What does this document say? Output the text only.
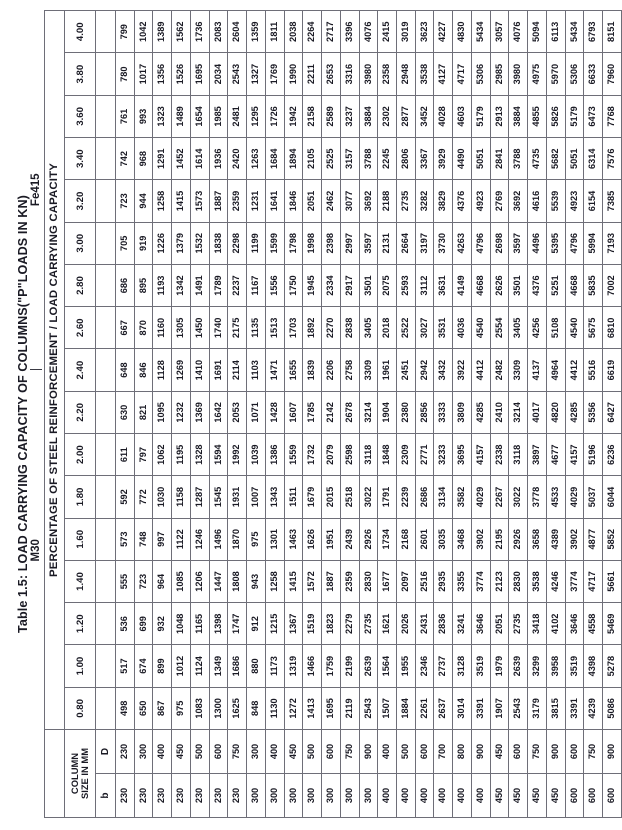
Table 1.5: LOAD CARRYING CAPACITY OF COLUMNS("P"LOADS IN KN) M30
Fe415
		PERCENTAGE OF STEEL REINFORCEMENT / LOAD CARRYING CAPACITY																

COLUMN SIZE IN MM		0.80	1.00	1.20	1.40	1.60	1.80	2.00	2.20	2.40	2.60	2.80	3.00	3.20	3.40	3.60	3.80	4.00
b	D																	
230	230	498	517	536	555	573	592	611	630	648	667	686	705	723	742	761	780	799
230	300	650	674	699	723	748	772	797	821	846	870	895	919	944	968	993	1017	1042
230	400	867	899	932	964	997	1030	1062	1095	1128	1160	1193	1226	1258	1291	1323	1356	1389
230	450	975	1012	1048	1085	1122	1158	1195	1232	1269	1305	1342	1379	1415	1452	1489	1526	1562
230	500	1083	1124	1165	1206	1246	1287	1328	1369	1410	1450	1491	1532	1573	1614	1654	1695	1736
230	600	1300	1349	1398	1447	1496	1545	1594	1642	1691	1740	1789	1838	1887	1936	1985	2034	2083
230	750	1625	1686	1747	1808	1870	1931	1992	2053	2114	2175	2237	2298	2359	2420	2481	2543	2604
300	300	848	880	912	943	975	1007	1039	1071	1103	1135	1167	1199	1231	1263	1295	1327	1359
300	400	1130	1173	1215	1258	1301	1343	1386	1428	1471	1513	1556	1599	1641	1684	1726	1769	1811
300	450	1272	1319	1367	1415	1463	1511	1559	1607	1655	1703	1750	1798	1846	1894	1942	1990	2038
300	500	1413	1466	1519	1572	1626	1679	1732	1785	1839	1892	1945	1998	2051	2105	2158	2211	2264
300	600	1695	1759	1823	1887	1951	2015	2079	2142	2206	2270	2334	2398	2462	2525	2589	2653	2717
300	750	2119	2199	2279	2359	2439	2518	2598	2678	2758	2838	2917	2997	3077	3157	3237	3316	3396
300	900	2543	2639	2735	2830	2926	3022	3118	3214	3309	3405	3501	3597	3692	3788	3884	3980	4076
400	400	1507	1564	1621	1677	1734	1791	1848	1904	1961	2018	2075	2131	2188	2245	2302	2358	2415
400	500	1884	1955	2026	2097	2168	2239	2309	2380	2451	2522	2593	2664	2735	2806	2877	2948	3019
400	600	2261	2346	2431	2516	2601	2686	2771	2856	2942	3027	3112	3197	3282	3367	3452	3538	3623
400	700	2637	2737	2836	2935	3035	3134	3233	3333	3432	3531	3631	3730	3829	3929	4028	4127	4227
400	800	3014	3128	3241	3355	3468	3582	3695	3809	3922	4036	4149	4263	4376	4490	4603	4717	4830
400	900	3391	3519	3646	3774	3902	4029	4157	4285	4412	4540	4668	4796	4923	5051	5179	5306	5434
450	450	1907	1979	2051	2123	2195	2267	2338	2410	2482	2554	2626	2698	2769	2841	2913	2985	3057
450	600	2543	2639	2735	2830	2926	3022	3118	3214	3309	3405	3501	3597	3692	3788	3884	3980	4076
450	750	3179	3299	3418	3538	3658	3778	3897	4017	4137	4256	4376	4496	4616	4735	4855	4975	5094
450	900	3815	3958	4102	4246	4389	4533	4677	4820	4964	5108	5251	5395	5539	5682	5826	5970	6113
600	600	3391	3519	3646	3774	3902	4029	4157	4285	4412	4540	4668	4796	4923	5051	5179	5306	5434
600	750	4239	4398	4558	4717	4877	5037	5196	5356	5516	5675	5835	5994	6154	6314	6473	6633	6793
600	900	5086	5278	5469	5661	5852	6044	6236	6427	6619	6810	7002	7193	7385	7576	7768	7960	8151
